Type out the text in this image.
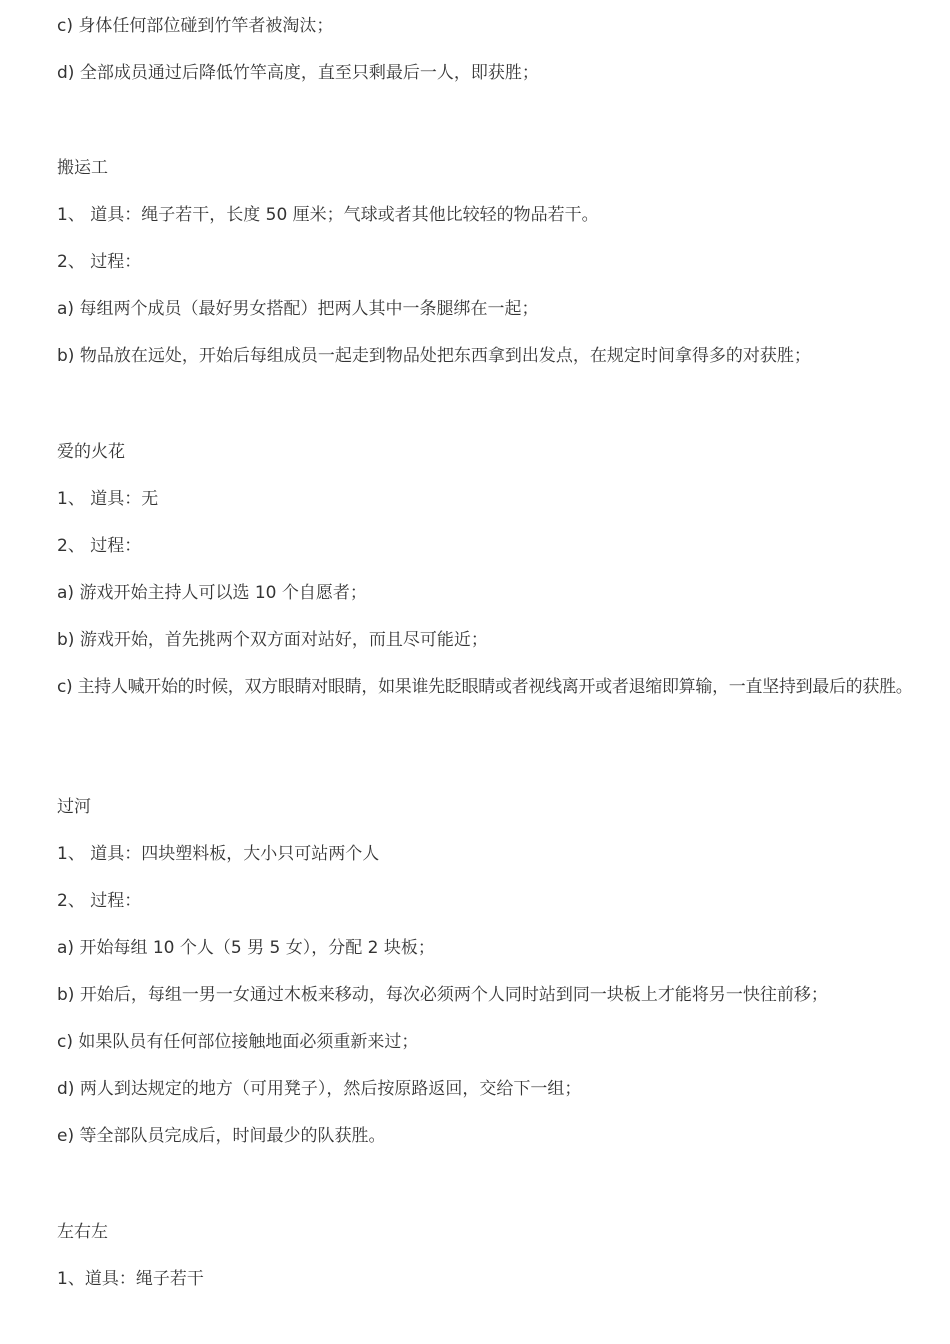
c) 身体任何部位碰到竹竿者被淘汰；
d) 全部成员通过后降低竹竿高度，直至只剩最后一人，即获胜；
搬运工
1、 道具：绳子若干，长度 50 厘米；气球或者其他比较轻的物品若干。
2、 过程：
a) 每组两个成员（最好男女搭配）把两人其中一条腿绑在一起；
b) 物品放在远处，开始后每组成员一起走到物品处把东西拿到出发点，在规定时间拿得多的对获胜；
爱的火花
1、 道具：无
2、 过程：
a) 游戏开始主持人可以选 10 个自愿者；
b) 游戏开始，首先挑两个双方面对站好，而且尽可能近；
c) 主持人喊开始的时候，双方眼睛对眼睛，如果谁先眨眼睛或者视线离开或者退缩即算输，一直坚持到最后的获胜。
过河
1、 道具：四块塑料板，大小只可站两个人
2、 过程：
a) 开始每组 10 个人（5 男 5 女），分配 2 块板；
b) 开始后，每组一男一女通过木板来移动，每次必须两个人同时站到同一块板上才能将另一快往前移；
c) 如果队员有任何部位接触地面必须重新来过；
d) 两人到达规定的地方（可用凳子），然后按原路返回，交给下一组；
e) 等全部队员完成后，时间最少的队获胜。
左右左
1、道具：绳子若干
